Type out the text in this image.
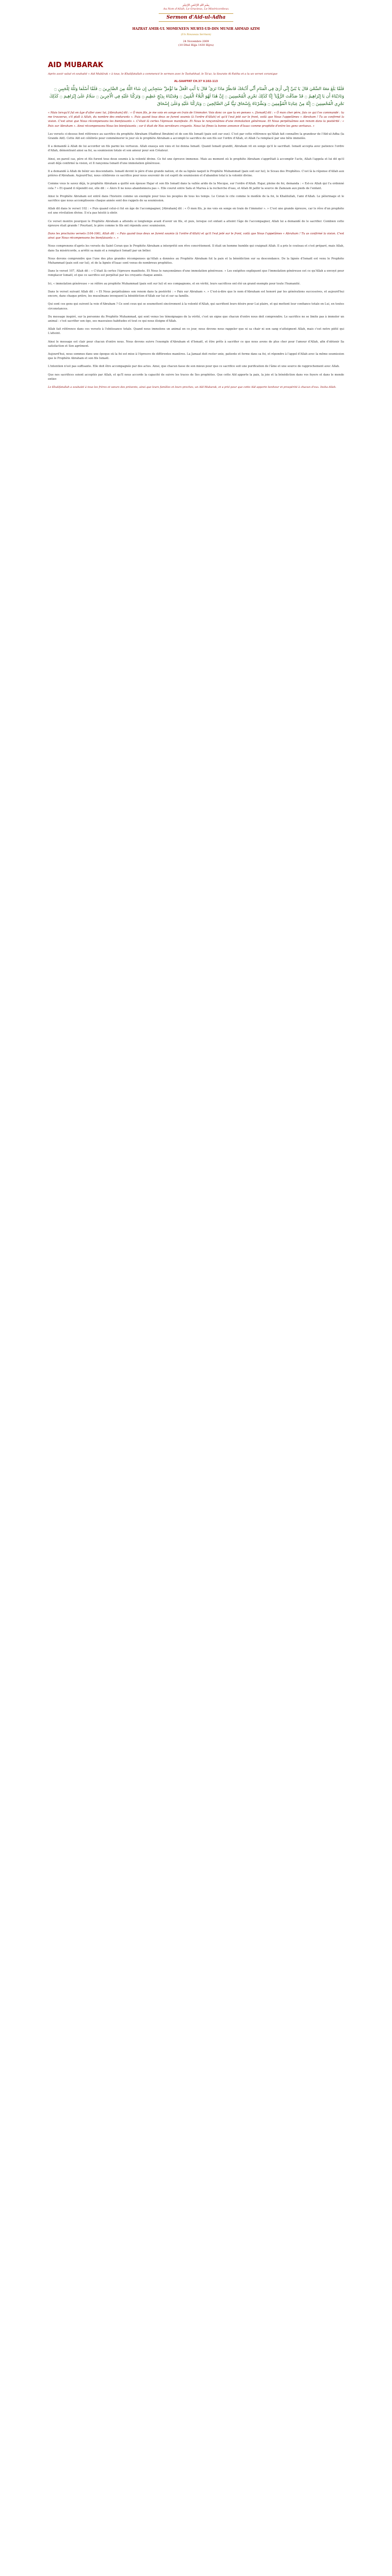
بِسْمِ اللهِ الرَّحْمٰنِ الرَّحِيْمِ
Au Nom d'Allah, Le Gracieux, Le Miséricordieux
Sermon d'Aid-ul-Adha
HAZRAT AMIR-UL MOMENEEN MUHYI-UD-DIN MUNIR AHMAD AZIM
(Un Nouveau Sermon)
24 Novembre 2009
(10 Dhul Hijja 1430 Hijra)
AID MUBARAK
Après avoir salué et souhaité « Aid Mubârak » à tous, le Khalifatullah a commencé le sermon avec le Tashahhud, le Ta'uz, la Sourate Al-Fatiha et a lu un verset coranique
AL-SAAFFAT CH.37 V.102-113
فَلَمَّا بَلَغَ مَعَهُ السَّعْيَ قَالَ يَا بُنَيَّ إِنِّي أَرَىٰ فِي الْمَنَامِ أَنِّي أَذْبَحُكَ فَانظُرْ مَاذَا تَرَىٰ ۚ قَالَ يَا أَبَتِ افْعَلْ مَا تُؤْمَرُ ۖ سَتَجِدُنِي إِن شَاءَ اللَّهُ مِنَ الصَّابِرِينَ ۝ فَلَمَّا أَسْلَمَا وَتَلَّهُ لِلْجَبِينِ ۝ وَنَادَيْنَاهُ أَن يَا إِبْرَاهِيمُ ۝ قَدْ صَدَّقْتَ الرُّؤْيَا ۚ إِنَّا كَذَٰلِكَ نَجْزِي الْمُحْسِنِينَ ۝ إِنَّ هَٰذَا لَهُوَ الْبَلَاءُ الْمُبِينُ ۝ وَفَدَيْنَاهُ بِذِبْحٍ عَظِيمٍ ۝ وَتَرَكْنَا عَلَيْهِ فِي الْآخِرِينَ ۝ سَلَامٌ عَلَىٰ إِبْرَاهِيمَ ۝ كَذَٰلِكَ نَجْزِي الْمُحْسِنِينَ ۝ إِنَّهُ مِنْ عِبَادِنَا الْمُؤْمِنِينَ ۝ وَبَشَّرْنَاهُ بِإِسْحَاقَ نَبِيًّا مِّنَ الصَّالِحِينَ ۝ وَبَارَكْنَا عَلَيْهِ وَعَلَىٰ إِسْحَاقَ

« Mais lorsqu'il fut en âge d'aller avec lui, [Abraham] dit : « Ô mon fils, je me vois en songe en train de t'immoler. Vois donc ce que tu en penses ». [Ismaël] dit : « Ô mon cher père, fais ce qui t'es commandé : tu me trouveras, s'il plaît à Allah, du nombre des endurants ». Puis quand tous deux se furent soumis (à l'ordre d'Allah) et qu'il l'eut jeté sur le front, voilà que Nous l'appelâmes « Abraham ! Tu as confirmé la vision. C'est ainsi que Nous récompensons les bienfaisants ». C'était là certes l'épreuve manifeste. Et Nous le rançonnâmes d'une immolation généreuse. Et Nous perpétuâmes son renom dans la postérité : « Paix sur Abraham ». Ainsi récompensons-Nous les bienfaisants ; car il était de Nos serviteurs croyants. Nous lui fîmes la bonne annonce d'Isaac comme prophète d'entre les gens vertueux. »

Les versets ci-dessus font référence au sacrifice du prophète Abraham (Hadhrat Ibrahim) et de son fils Ismaël (paix soit sur eux). C'est par cette référence qu'Allah fait connaître la grandeur de l'Aïd-ul-Adha (la Grande Aïd). Cette Aïd est célébrée pour commémorer le jour où le prophète Abraham a accompli le sacrifice de son fils sur l'ordre d'Allah, et Allah l'a remplacé par une bête immolée.

Il a demandé à Allah de lui accorder un fils parmi les vertueux. Allah exauça son vœu et lui donna Ismaël. Quand Ismaël grandit, Abraham vit en songe qu'il le sacrifiait. Ismaël accepta avec patience l'ordre d'Allah, démontrant ainsi sa foi, sa soumission totale et son amour pour son Créateur.

Ainsi, en pareil cas, père et fils furent tous deux soumis à la volonté divine. Ce fut une épreuve immense. Mais au moment où le prophète Abraham s'apprêtait à accomplir l'acte, Allah l'appela et lui dit qu'il avait déjà confirmé la vision, et Il rançonna Ismaël d'une immolation généreuse.

Il a demandé à Allah de bénir ses descendants. Ismaël devint le père d'une grande nation, et de sa lignée naquit le Prophète Muhammad (paix soit sur lui), le Sceau des Prophètes. C'est là la réponse d'Allah aux prières d'Abraham. Aujourd'hui, nous célébrons ce sacrifice pour nous souvenir de cet esprit de soumission et d'abandon total à la volonté divine.

Comme vous le savez déjà, le prophète Abraham a quitté son épouse Hajar et son fils Ismaël dans la vallée aride de la Mecque, sur l'ordre d'Allah. Hajar, pleine de foi, demanda : « Est-ce Allah qui t'a ordonné cela ? » Et quand il répondit oui, elle dit : « Alors Il ne nous abandonnera pas ». Elle courut entre Safa et Marwa à la recherche d'eau, et Allah fit jaillir la source de Zamzam aux pieds de l'enfant.

Ainsi le Prophète Abraham est entré dans l'histoire comme un exemple pour tous les peuples de tous les temps. Le Coran le cite comme le modèle de la foi, le Khalilullah, l'ami d'Allah. Le pèlerinage et le sacrifice que nous accomplissons chaque année sont des rappels de sa soumission.

Allah dit dans le verset 102 : « Puis quand celui-ci fut en âge de l'accompagner, [Abraham] dit : « Ô mon fils, je me vois en songe en train de t'immoler ». » C'est une grande épreuve, car le rêve d'un prophète est une révélation divine. Il n'a pas hésité à obéir.

Ce verset montre pourquoi le Prophète Abraham a attendu si longtemps avant d'avoir un fils, et puis, lorsque cet enfant a atteint l'âge de l'accompagner, Allah lui a demandé de le sacrifier. Combien cette épreuve était grande ! Pourtant, le père comme le fils ont répondu avec soumission.

Dans les prochains versets (104-106), Allah dit : « Puis quand tous deux se furent soumis (à l'ordre d'Allah) et qu'il l'eut jeté sur le front, voilà que Nous l'appelâmes « Abraham ! Tu as confirmé la vision. C'est ainsi que Nous récompensons les bienfaisants ». »

Nous comprenons d'après les versets du Saint Coran que le Prophète Abraham a interprété son rêve concrètement. Il était un homme humble qui craignait Allah. Il a pris le couteau et s'est préparé, mais Allah, dans Sa miséricorde, a arrêté sa main et a remplacé Ismaël par un bélier.

Nous devons comprendre que l'une des plus grandes récompenses qu'Allah a données au Prophète Abraham fut la paix et la bénédiction sur sa descendance. De la lignée d'Ismaël est venu le Prophète Muhammad (paix soit sur lui), et de la lignée d'Isaac sont venus de nombreux prophètes.

Dans le verset 107, Allah dit : « C'était là certes l'épreuve manifeste. Et Nous le rançonnâmes d'une immolation généreuse. » Les exégètes expliquent que l'immolation généreuse est ce qu'Allah a envoyé pour remplacer Ismaël, et que ce sacrifice est perpétué par les croyants chaque année.

Ici, « immolation généreuse » se réfère au prophète Muhammad (paix soit sur lui) et ses compagnons, et en vérité, leurs sacrifices ont été un grand exemple pour toute l'humanité.

Dans le verset suivant Allah dit : « Et Nous perpétuâmes son renom dans la postérité : « Paix sur Abraham ». » C'est-à-dire que le nom d'Abraham est honoré par les générations successives, et aujourd'hui encore, dans chaque prière, les musulmans invoquent la bénédiction d'Allah sur lui et sur sa famille.

Qui sont ces gens qui suivent la voie d'Abraham ? Ce sont ceux qui se soumettent sincèrement à la volonté d'Allah, qui sacrifient leurs désirs pour Lui plaire, et qui mettent leur confiance totale en Lui, en toutes circonstances.

Du message inspiré, sur la personne du Prophète Muhammad, qui sont venus les témoignages de la vérité, c'est un signe que chacun d'entre nous doit comprendre. Le sacrifice ne se limite pas à immoler un animal : c'est sacrifier son égo, ses mauvaises habitudes et tout ce qui nous éloigne d'Allah.

Allah fait référence dans ces versets à l'obéissance totale. Quand nous immolons un animal en ce jour, nous devons nous rappeler que ni sa chair ni son sang n'atteignent Allah, mais c'est notre piété qui L'atteint.

Ainsi le message est clair pour chacun d'entre nous. Nous devons suivre l'exemple d'Abraham et d'Ismaël, et être prêts à sacrifier ce que nous avons de plus cher pour l'amour d'Allah, afin d'obtenir Sa satisfaction et Son agrément.

Aujourd'hui, nous sommes dans une époque où la foi est mise à l'épreuve de différentes manières. La Jamaat doit rester unie, patiente et ferme dans sa foi, et répondre à l'appel d'Allah avec la même soumission que le Prophète Abraham et son fils Ismaël.

L'intention n'est pas suffisante. Elle doit être accompagnée par des actes. Ainsi, que chacun fasse de son mieux pour que ce sacrifice soit une purification de l'âme et une source de rapprochement avec Allah.

Que nos sacrifices soient acceptés par Allah, et qu'Il nous accorde la capacité de suivre les traces de Ses prophètes. Que cette Aïd apporte la paix, la joie et la bénédiction dans vos foyers et dans le monde entier.

Le Khalifatullah a souhaité à tous les frères et sœurs des présents, ainsi que leurs familles et leurs proches, un Aïd Mubarak, et a prié pour que cette Aïd apporte bonheur et prospérité à chacun d'eux. Insha-Allah.
